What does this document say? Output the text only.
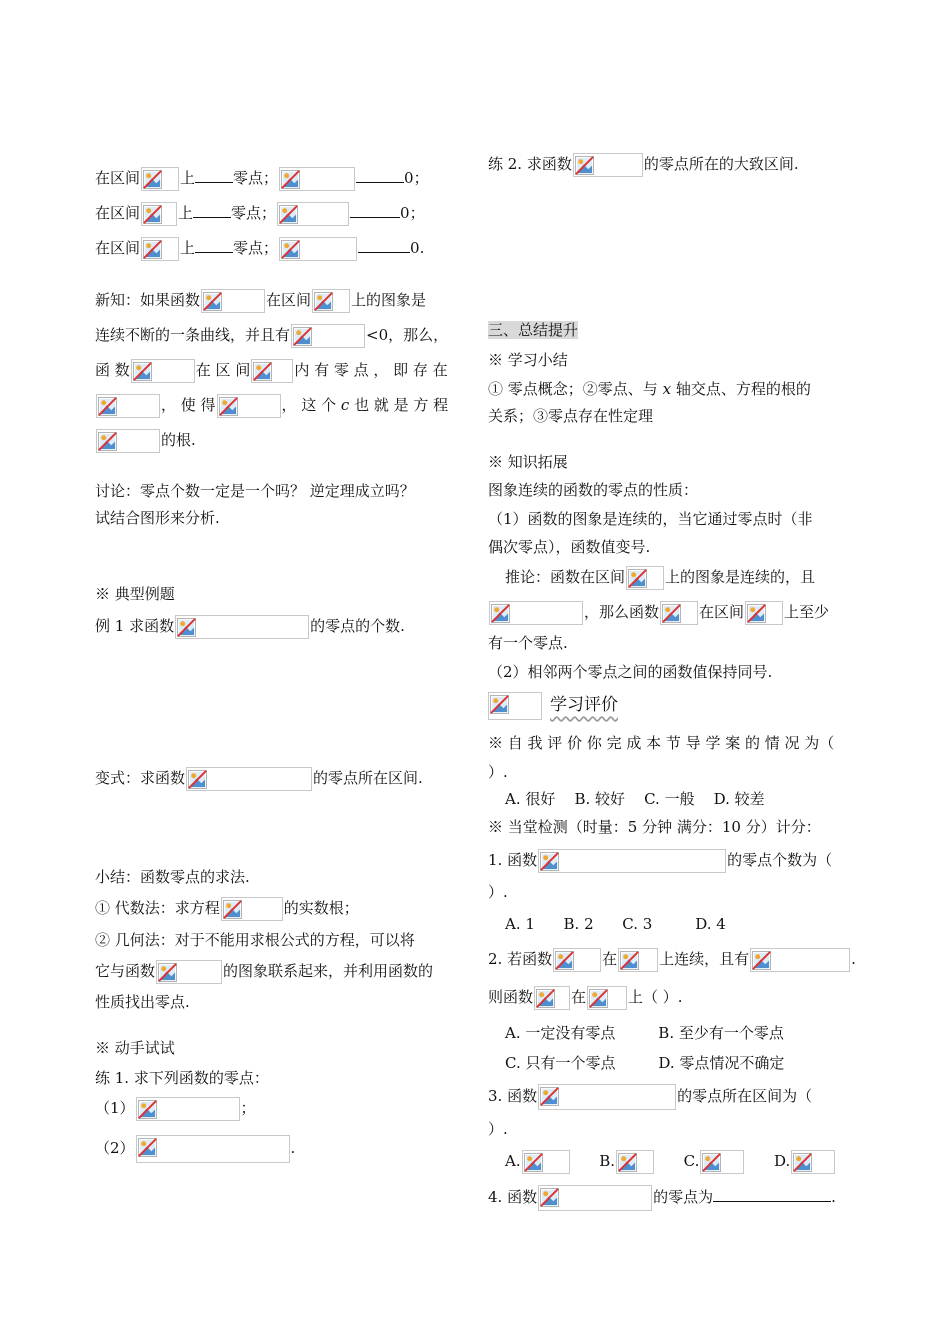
在区间	上	零点；	0；
在区间	上	零点；	0；
在区间	上	零点；	0.
新知：如果函数	在区间	上的图象是
连续不断的一条曲线，并且有	<0，那么，
函 数	在 区 间	内 有 零 点 ， 即 存 在
， 使 得	， 这 个 c 也 就 是 方 程
的根.
讨论：零点个数一定是一个吗？ 逆定理成立吗？
试结合图形来分析.
※ 典型例题
例 1 求函数	的零点的个数.
变式：求函数	的零点所在区间.
小结：函数零点的求法.
① 代数法：求方程	的实数根；
② 几何法：对于不能用求根公式的方程，可以将
它与函数	的图象联系起来，并利用函数的
性质找出零点.
※ 动手试试
练 1. 求下列函数的零点：
（1）	；
（2）	.
练 2. 求函数	的零点所在的大致区间.
三、总结提升
※ 学习小结
① 零点概念；②零点、与 x 轴交点、方程的根的
关系；③零点存在性定理
※ 知识拓展
图象连续的函数的零点的性质：
（1）函数的图象是连续的，当它通过零点时（非
偶次零点），函数值变号.
推论：函数在区间	上的图象是连续的，且
，那么函数	在区间	上至少
有一个零点.
（2）相邻两个零点之间的函数值保持同号.
学习评价
※ 自 我 评 价 你 完 成 本 节 导 学 案 的 情 况 为（
）.
A. 很好 B. 较好 C. 一般 D. 较差
※ 当堂检测（时量：5 分钟 满分：10 分）计分：
1. 函数	的零点个数为（
）.
A. 1 B. 2 C. 3	D. 4
2. 若函数	在	上连续，且有	.
则函数	在	上（ ）.
A. 一定没有零点	B. 至少有一个零点
C. 只有一个零点	D. 零点情况不确定
3. 函数	的零点所在区间为（
）.
A.	B.	C.	D.
4. 函数	的零点为	.
